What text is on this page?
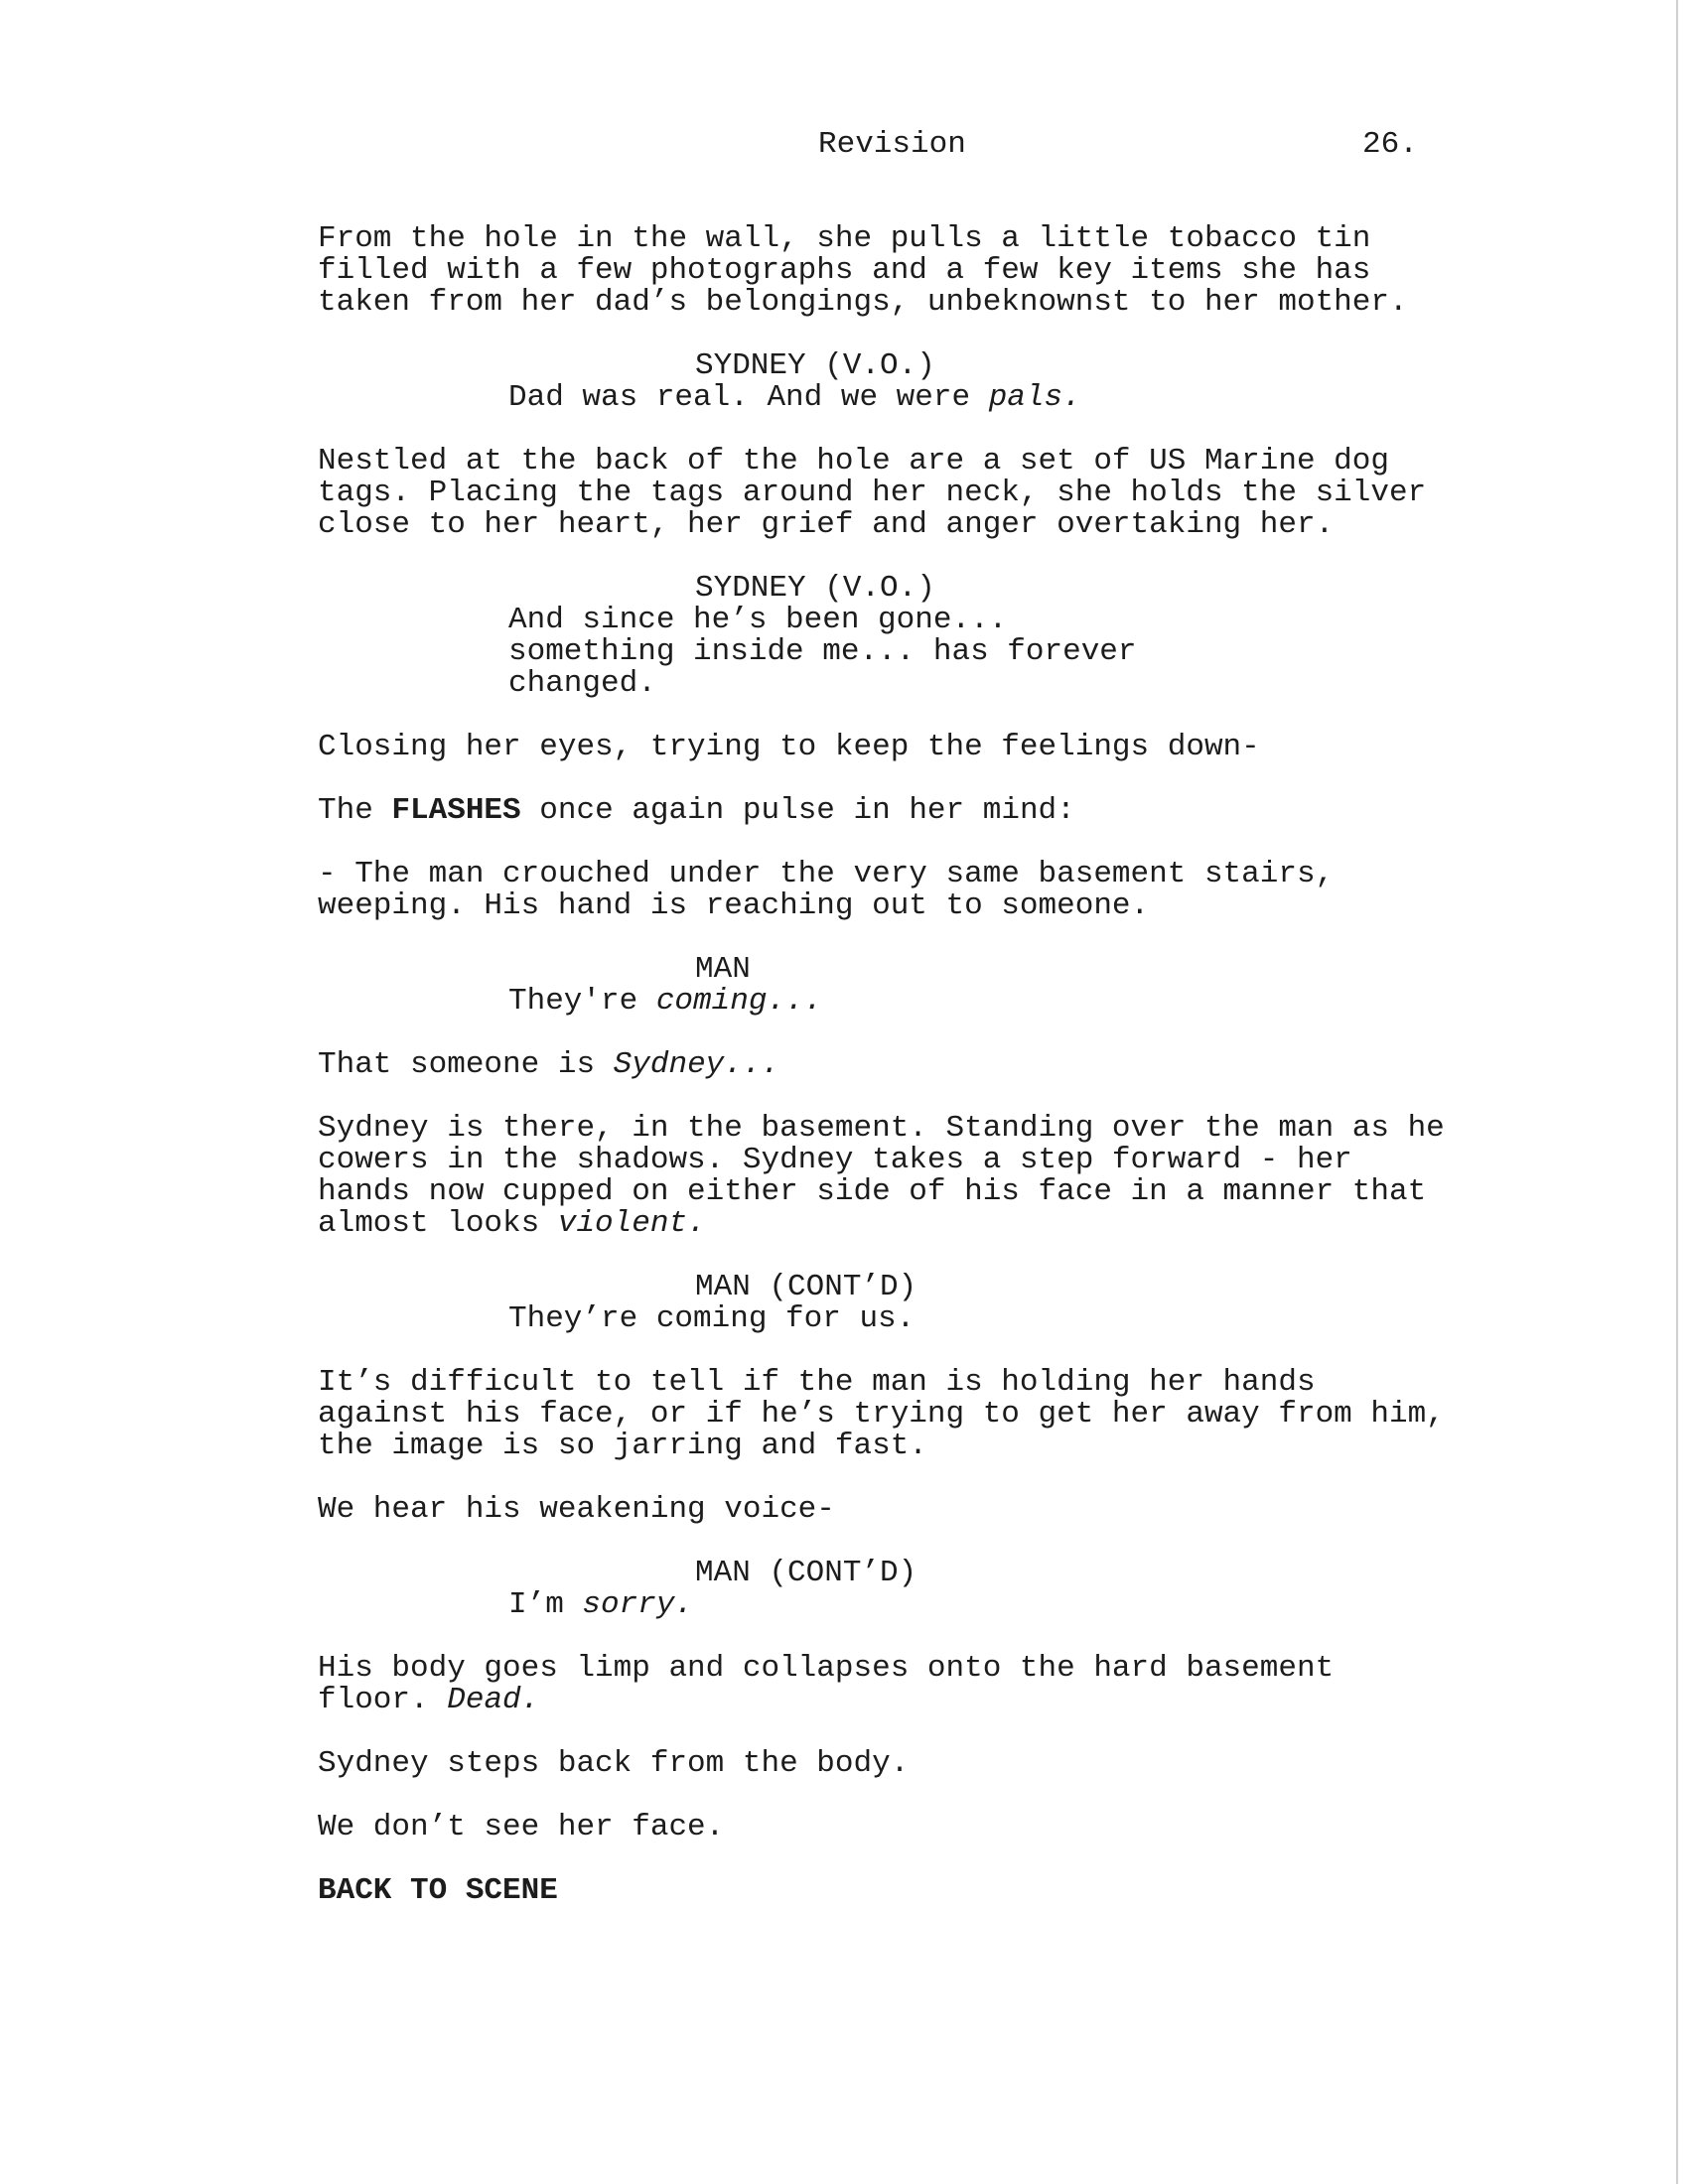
Revision	26.

From the hole in the wall, she pulls a little tobacco tin filled with a few photographs and a few key items she has taken from her dad’s belongings, unbeknownst to her mother.

SYDNEY (V.O.)
Dad was real. And we were pals.

Nestled at the back of the hole are a set of US Marine dog tags. Placing the tags around her neck, she holds the silver close to her heart, her grief and anger overtaking her.

SYDNEY (V.O.)
And since he’s been gone...
something inside me... has forever
changed.

Closing her eyes, trying to keep the feelings down-

The FLASHES once again pulse in her mind:

- The man crouched under the very same basement stairs, weeping. His hand is reaching out to someone.

MAN
They're coming...

That someone is Sydney...

Sydney is there, in the basement. Standing over the man as he cowers in the shadows. Sydney takes a step forward - her hands now cupped on either side of his face in a manner that almost looks violent.

MAN (CONT’D)
They’re coming for us.

It’s difficult to tell if the man is holding her hands against his face, or if he’s trying to get her away from him, the image is so jarring and fast.

We hear his weakening voice-

MAN (CONT’D)
I’m sorry.

His body goes limp and collapses onto the hard basement floor. Dead.

Sydney steps back from the body.

We don’t see her face.

BACK TO SCENE
